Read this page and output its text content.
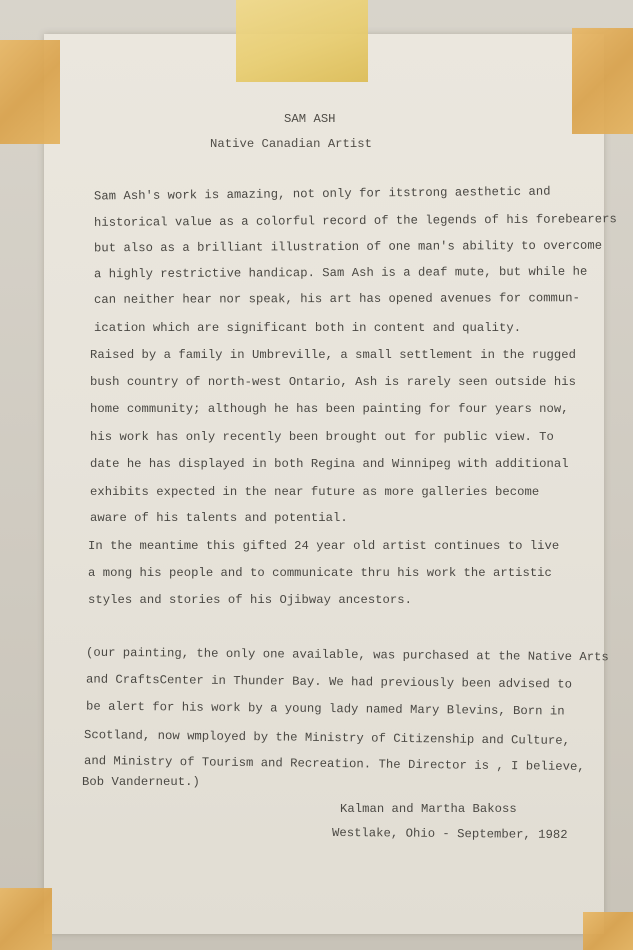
SAM ASH
Native Canadian Artist
Sam Ash's work is amazing, not only for itstrong aesthetic and
historical value as a colorful record of the legends of his forebearers
but also as a brilliant illustration of one man's ability to overcome
a highly restrictive handicap. Sam Ash is a deaf mute, but while he
can neither hear nor speak, his art has opened avenues for commun-
ication which are significant both in content and quality.
Raised by a family in Umbreville, a small settlement in the rugged
bush country of north-west Ontario, Ash is rarely seen outside his
home community; although he has been painting for four years now,
his work has only recently been brought out for public view. To
date he has displayed in both Regina and Winnipeg with additional
exhibits expected in the near future as more galleries become
aware of his talents and potential.
In the meantime this gifted 24 year old artist continues to live
a mong his people and to communicate thru his work the artistic
styles and stories of his Ojibway ancestors.
(our painting, the only one available, was purchased at the Native Arts
and CraftsCenter in Thunder Bay. We had previously been advised to
be alert for his work by a young lady named Mary Blevins, Born in
Scotland, now wmployed by the Ministry of Citizenship and Culture,
and Ministry of Tourism and Recreation. The Director is , I believe,
Bob Vanderneut.)
Kalman and Martha Bakoss
Westlake, Ohio - September, 1982
